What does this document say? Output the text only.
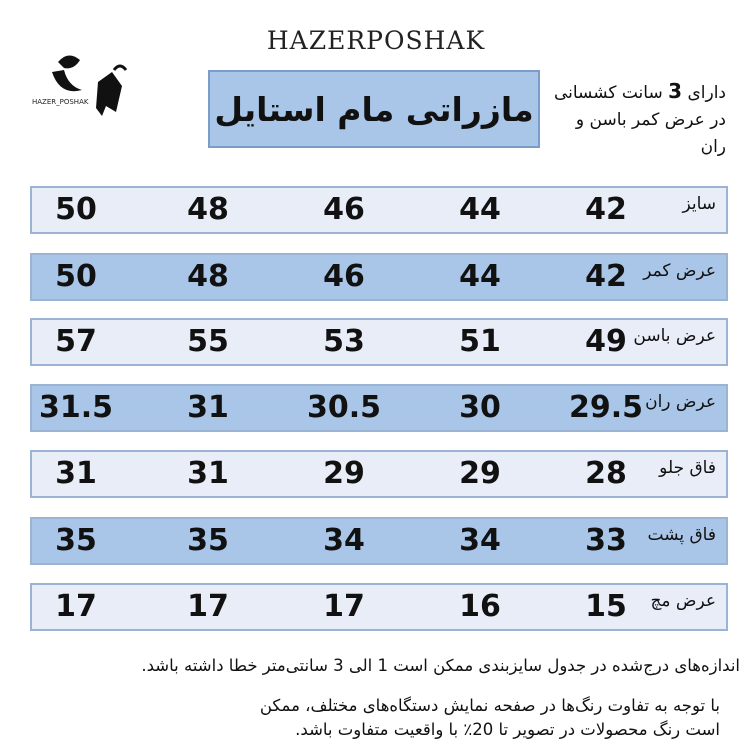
HAZERPOSHAK
HAZER_POSHAK	مازراتی مام استایل	دارای 3 سانت کشسانی در عرض کمر باسن و ران
سایز
42
44
46
48
50
عرض کمر
42
44
46
48
50
عرض باسن
49
51
53
55
57
عرض ران
29.5
30
30.5
31
31.5
فاق جلو
28
29
29
31
31
فاق پشت
33
34
34
35
35
عرض مچ
15
16
17
17
17
اندازه‌های درج‌شده در جدول سایزبندی ممکن است 1 الی 3 سانتی‌متر خطا داشته باشد.
با توجه به تفاوت رنگ‌ها در صفحه نمایش دستگاه‌های مختلف، ممکن است رنگ محصولات در تصویر تا 20٪ با واقعیت متفاوت باشد.
